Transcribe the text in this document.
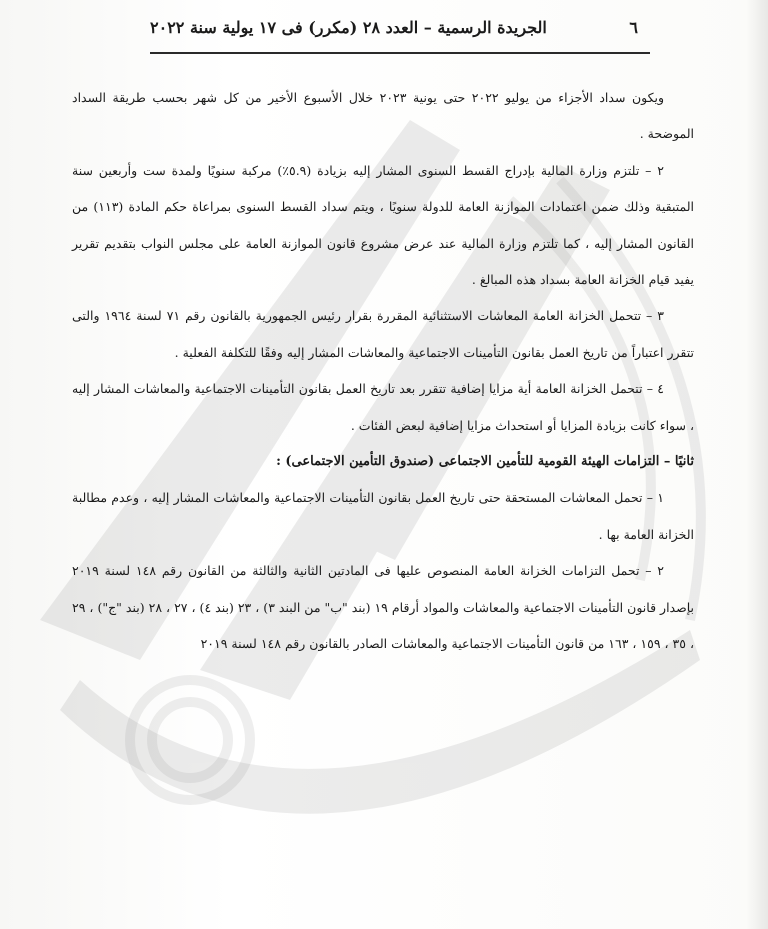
٦
الجريدة الرسمية – العدد ٢٨ (مكرر) فى ١٧ يولية سنة ٢٠٢٢

ويكون سداد الأجزاء من يوليو ٢٠٢٢ حتى يونية ٢٠٢٣ خلال الأسبوع الأخير من كل شهر بحسب طريقة السداد الموضحة .

٢ – تلتزم وزارة المالية بإدراج القسط السنوى المشار إليه بزيادة (٥.٩٪) مركبة سنويًا ولمدة ست وأربعين سنة المتبقية وذلك ضمن اعتمادات الموازنة العامة للدولة سنويًا ، ويتم سداد القسط السنوى بمراعاة حكم المادة (١١٣) من القانون المشار إليه ، كما تلتزم وزارة المالية عند عرض مشروع قانون الموازنة العامة على مجلس النواب بتقديم تقرير يفيد قيام الخزانة العامة بسداد هذه المبالغ .

٣ – تتحمل الخزانة العامة المعاشات الاستثنائية المقررة بقرار رئيس الجمهورية بالقانون رقم ٧١ لسنة ١٩٦٤ والتى تتقرر اعتباراً من تاريخ العمل بقانون التأمينات الاجتماعية والمعاشات المشار إليه وفقًا للتكلفة الفعلية .

٤ – تتحمل الخزانة العامة أية مزايا إضافية تتقرر بعد تاريخ العمل بقانون التأمينات الاجتماعية والمعاشات المشار إليه ، سواء كانت بزيادة المزايا أو استحداث مزايا إضافية لبعض الفئات .

ثانيًا – التزامات الهيئة القومية للتأمين الاجتماعى (صندوق التأمين الاجتماعى) :

١ – تحمل المعاشات المستحقة حتى تاريخ العمل بقانون التأمينات الاجتماعية والمعاشات المشار إليه ، وعدم مطالبة الخزانة العامة بها .

٢ – تحمل التزامات الخزانة العامة المنصوص عليها فى المادتين الثانية والثالثة من القانون رقم ١٤٨ لسنة ٢٠١٩ بإصدار قانون التأمينات الاجتماعية والمعاشات والمواد أرقام ١٩ (بند "ب" من البند ٣) ، ٢٣ (بند ٤) ، ٢٧ ، ٢٨ (بند "ج") ، ٢٩ ، ٣٥ ، ١٥٩ ، ١٦٣ من قانون التأمينات الاجتماعية والمعاشات الصادر بالقانون رقم ١٤٨ لسنة ٢٠١٩
